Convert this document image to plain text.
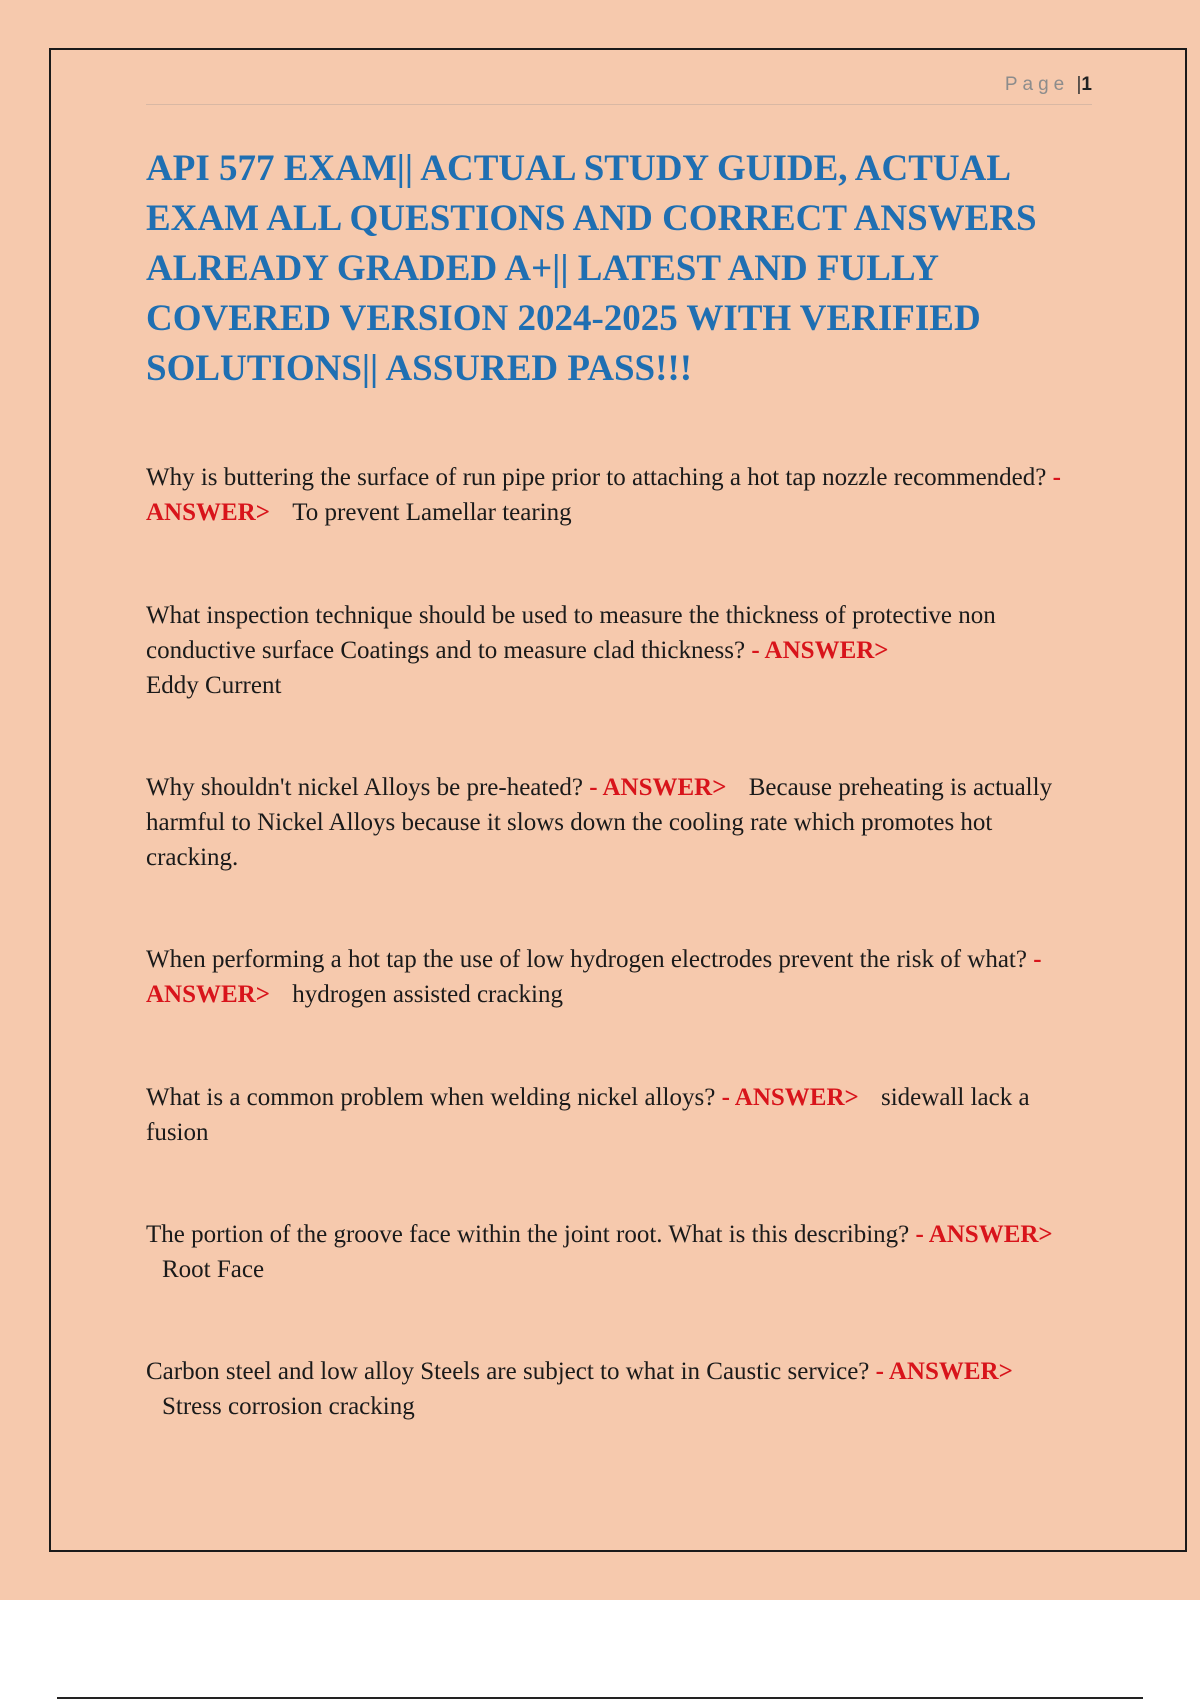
Page |1
API 577 EXAM|| ACTUAL STUDY GUIDE, ACTUAL EXAM ALL QUESTIONS AND CORRECT ANSWERS ALREADY GRADED A+|| LATEST AND FULLY COVERED VERSION 2024-2025 WITH VERIFIED SOLUTIONS|| ASSURED PASS!!!

Why is buttering the surface of run pipe prior to attaching a hot tap nozzle recommended? - ANSWER> To prevent Lamellar tearing

What inspection technique should be used to measure the thickness of protective non conductive surface Coatings and to measure clad thickness? - ANSWER>
Eddy Current

Why shouldn't nickel Alloys be pre-heated? - ANSWER> Because preheating is actually harmful to Nickel Alloys because it slows down the cooling rate which promotes hot cracking.

When performing a hot tap the use of low hydrogen electrodes prevent the risk of what? - ANSWER> hydrogen assisted cracking

What is a common problem when welding nickel alloys? - ANSWER> sidewall lack a fusion

The portion of the groove face within the joint root. What is this describing? - ANSWER> Root Face

Carbon steel and low alloy Steels are subject to what in Caustic service? - ANSWER> Stress corrosion cracking
